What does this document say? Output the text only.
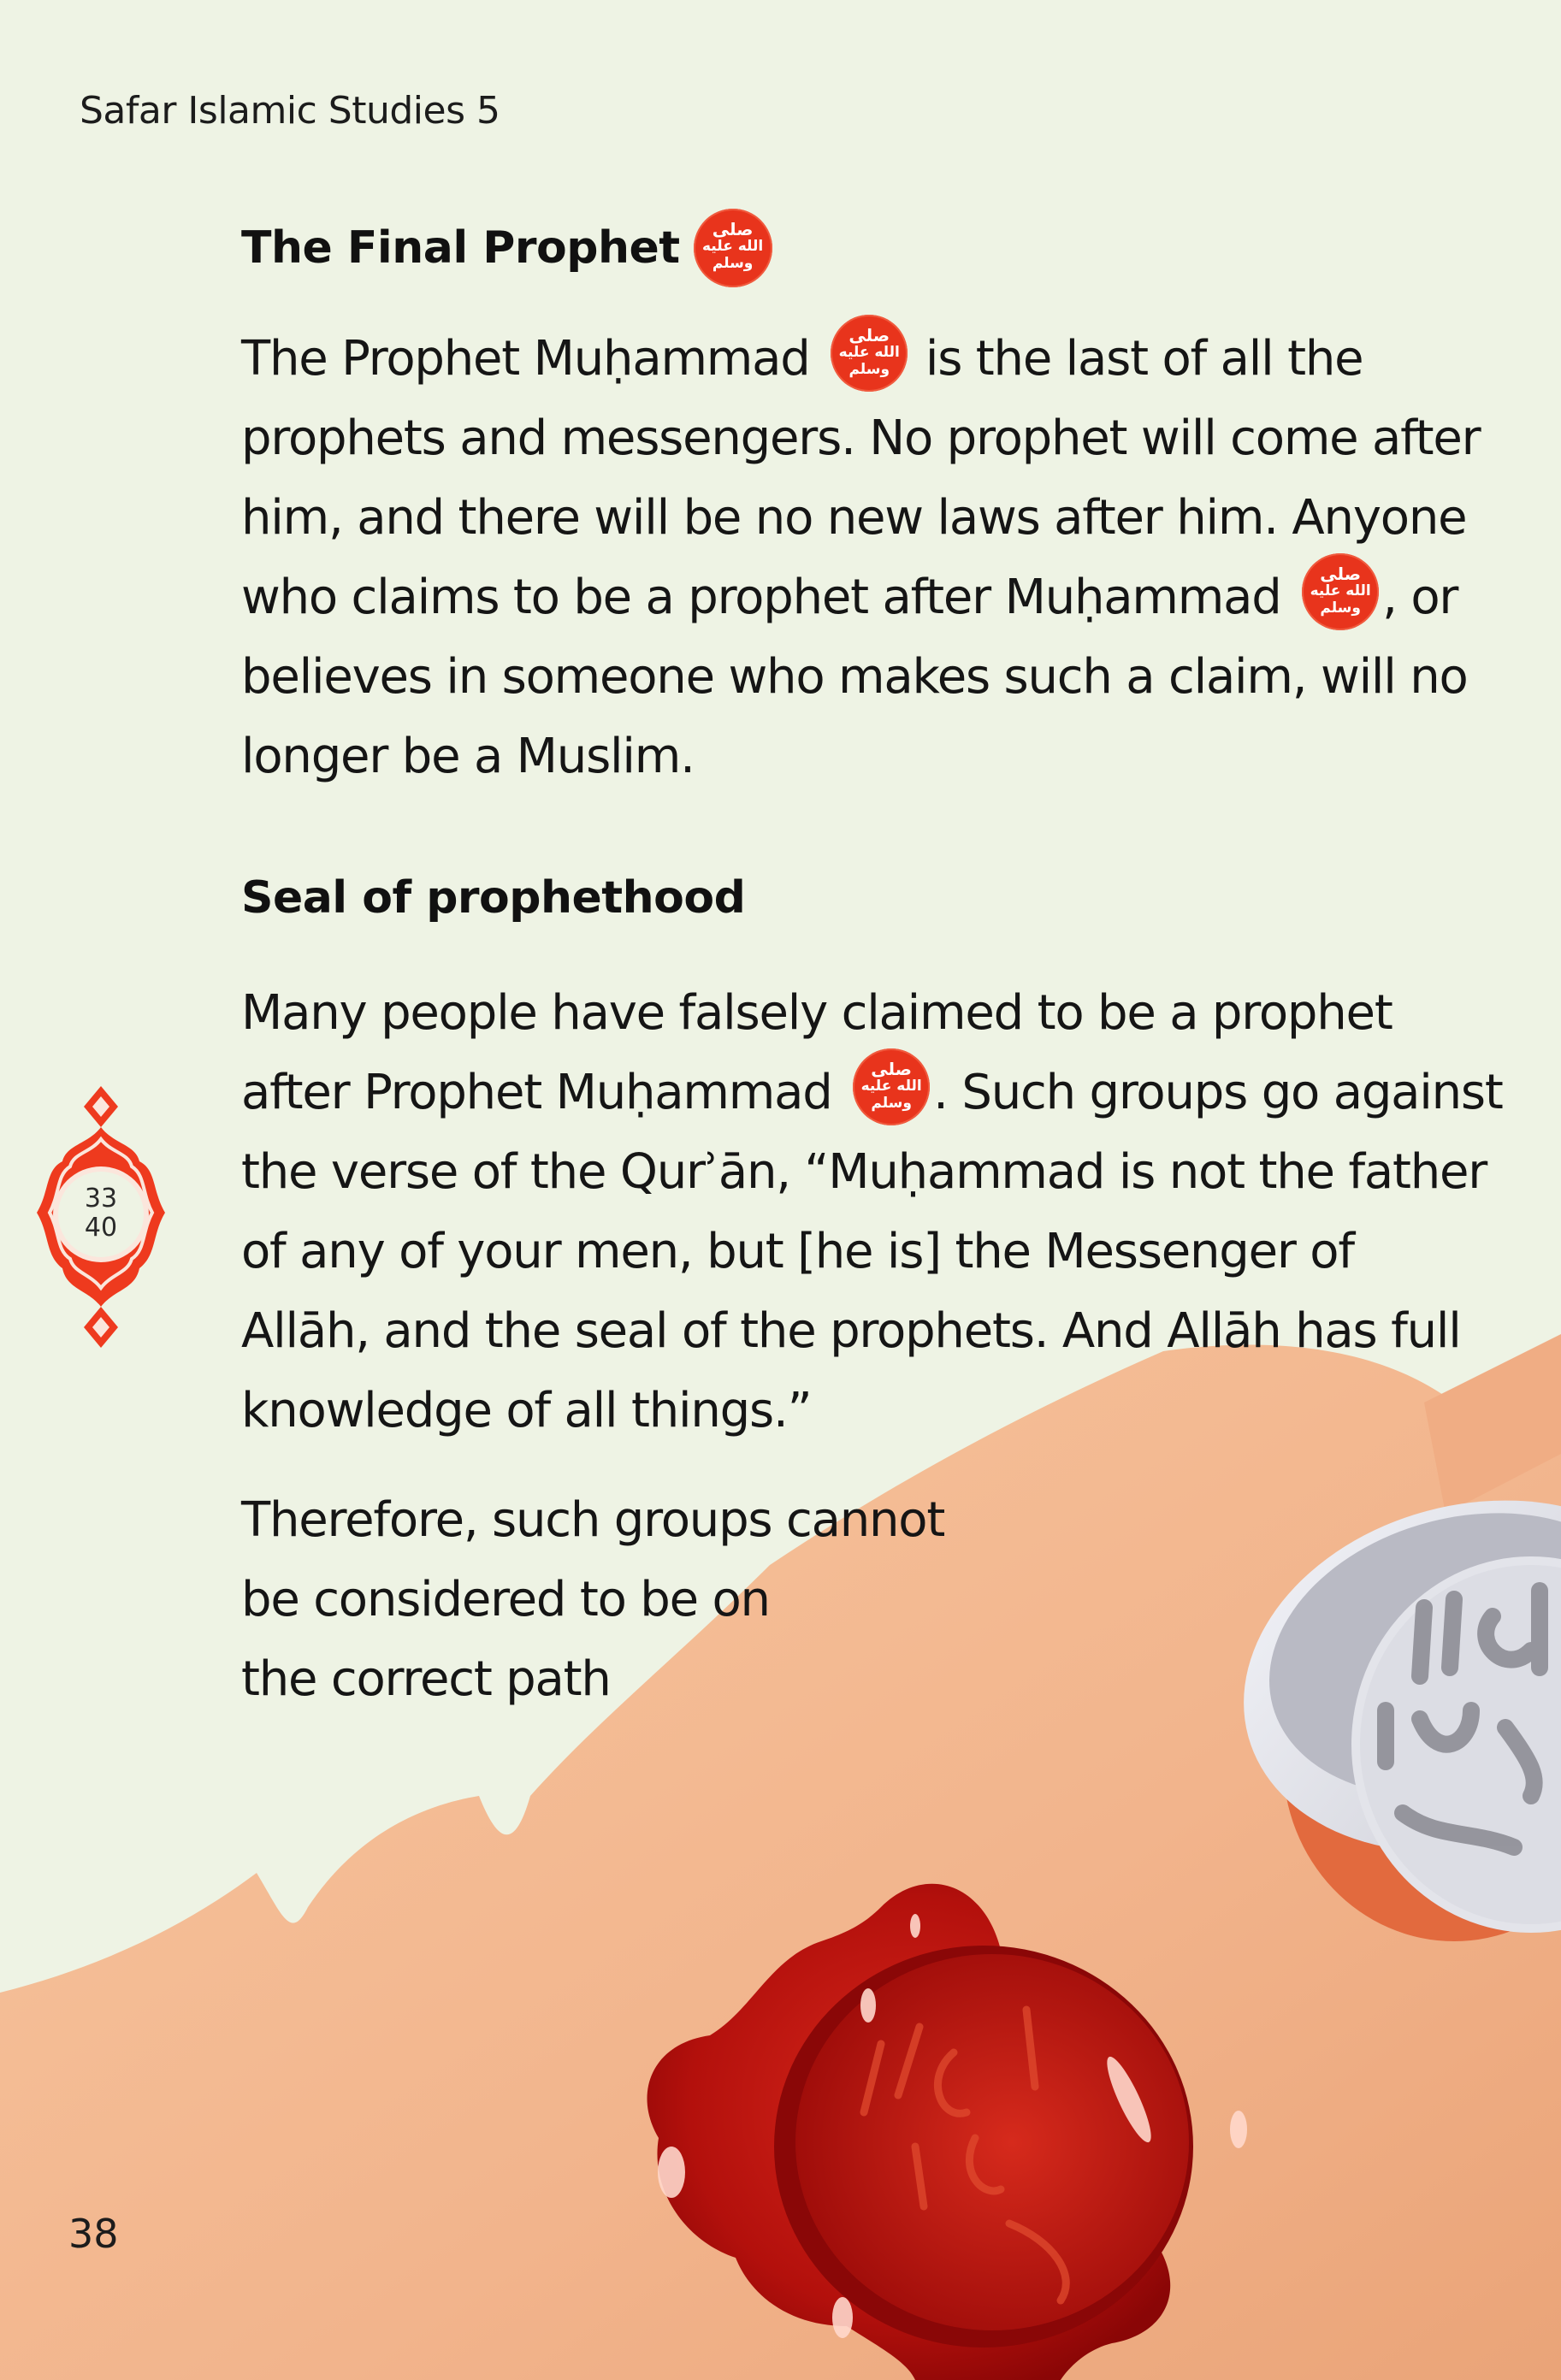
Safar Islamic Studies 5
The Final Prophet	صلى
الله عليه
وسلم
The Prophet Muḥammad	صلى
الله عليه
وسلم is the last of all the
prophets and messengers. No prophet will come after
him, and there will be no new laws after him. Anyone
who claims to be a prophet after Muḥammad	صلى
الله عليه
وسلم , or
believes in someone who makes such a claim, will no
longer be a Muslim.
Seal of prophethood
Many people have falsely claimed to be a prophet
after Prophet Muḥammad	صلى
الله عليه
وسلم . Such groups go against
the verse of the Qurʾān, “Muḥammad is not the father
of any of your men, but [he is] the Messenger of
Allāh, and the seal of the prophets. And Allāh has full
knowledge of all things.”
Therefore, such groups cannot
be considered to be on
the correct path
33
40
38
